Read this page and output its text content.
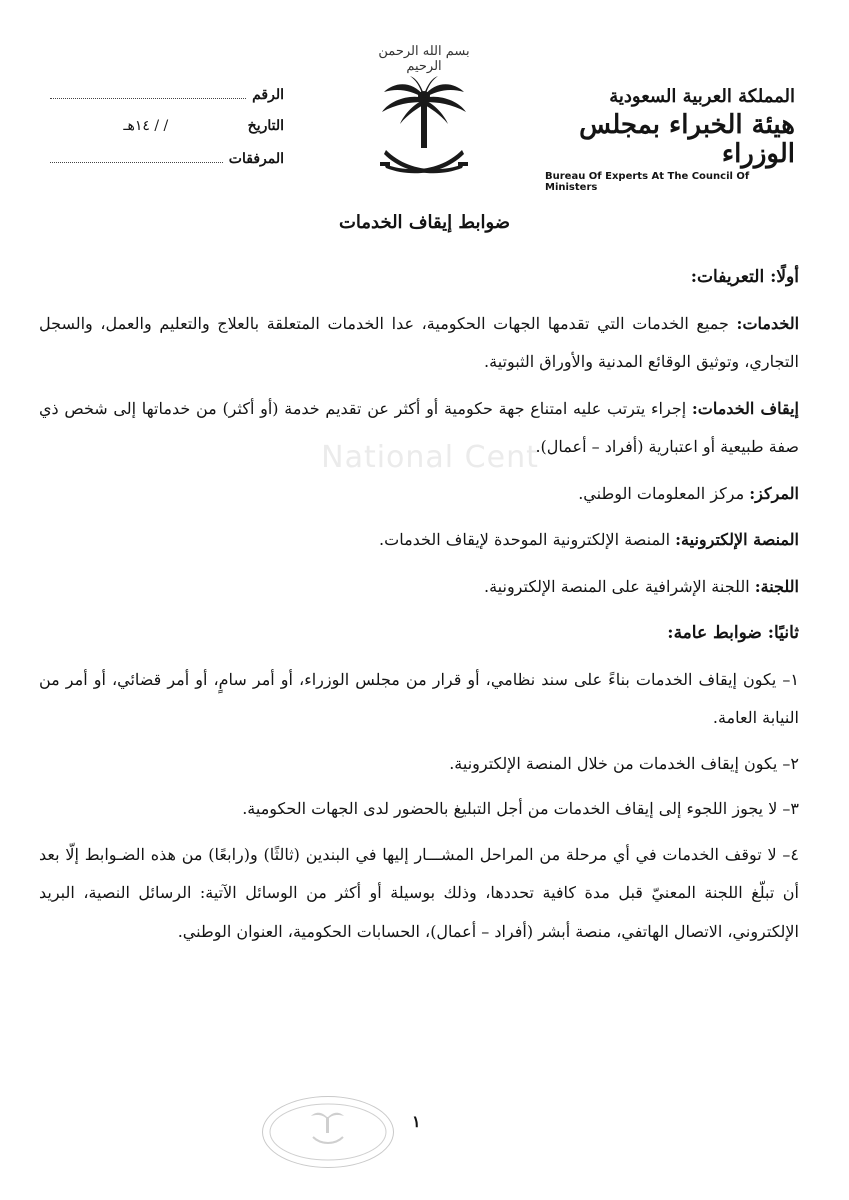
National Cent
بسم الله الرحمن الرحيم
المملكة العربية السعودية
هيئة الخبراء بمجلس الوزراء
Bureau Of Experts At The Council Of Ministers
الرقم
التاريخ
/ / ١٤هـ
المرفقات
ضوابط إيقاف الخدمات

أولًا: التعريفات:

الخدمات: جميع الخدمات التي تقدمها الجهات الحكومية، عدا الخدمات المتعلقة بالعلاج والتعليم والعمل، والسجل التجاري، وتوثيق الوقائع المدنية والأوراق الثبوتية.

إيقاف الخدمات: إجراء يترتب عليه امتناع جهة حكومية أو أكثر عن تقديم خدمة (أو أكثر) من خدماتها إلى شخص ذي صفة طبيعية أو اعتبارية (أفراد – أعمال).

المركز: مركز المعلومات الوطني.

المنصة الإلكترونية: المنصة الإلكترونية الموحدة لإيقاف الخدمات.

اللجنة: اللجنة الإشرافية على المنصة الإلكترونية.

ثانيًا: ضوابط عامة:

١– يكون إيقاف الخدمات بناءً على سند نظامي، أو قرار من مجلس الوزراء، أو أمر سامٍ، أو أمر قضائي، أو أمر من النيابة العامة.

٢– يكون إيقاف الخدمات من خلال المنصة الإلكترونية.

٣– لا يجوز اللجوء إلى إيقاف الخدمات من أجل التبليغ بالحضور لدى الجهات الحكومية.

٤– لا توقف الخدمات في أي مرحلة من المراحل المشـــار إليها في البندين (ثالثًا) و(رابعًا) من هذه الضـوابط إلّا بعد أن تبلّغ اللجنة المعنيّ قبل مدة كافية تحددها، وذلك بوسيلة أو أكثر من الوسائل الآتية: الرسائل النصية، البريد الإلكتروني، الاتصال الهاتفي، منصة أبشر (أفراد – أعمال)، الحسابات الحكومية، العنوان الوطني.

١
